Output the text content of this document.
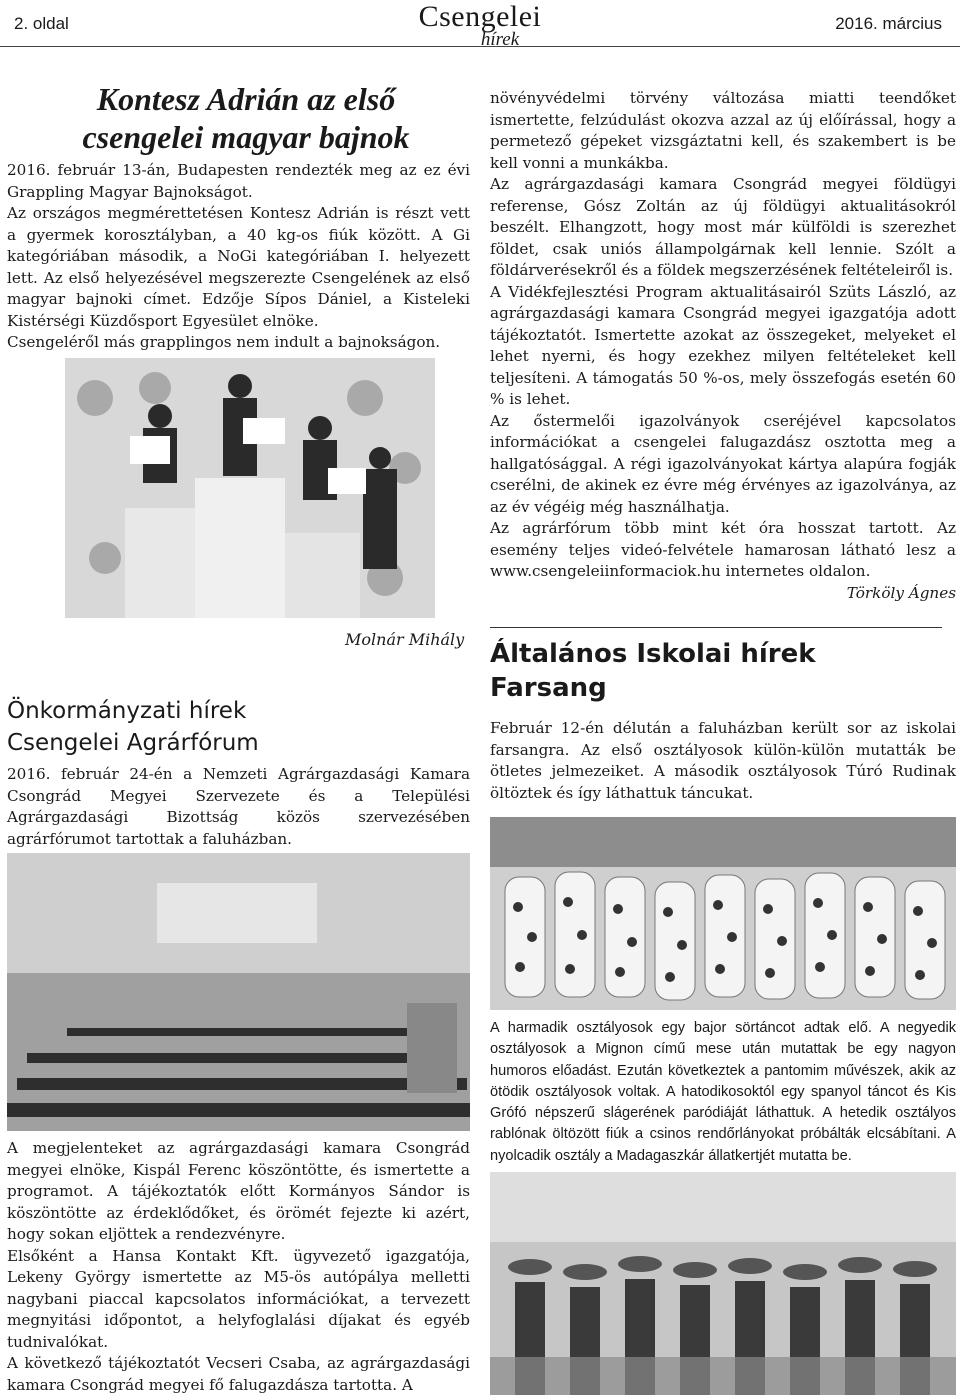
2. oldal	Csengelei
hírek
2016. március
Kontesz Adrián az első csengelei magyar bajnok

2016. február 13-án, Budapesten rendezték meg az ez évi Grappling Magyar Bajnokságot.

Az országos megmérettetésen Kontesz Adrián is részt vett a gyermek korosztályban, a 40 kg-os fiúk között. A Gi kategóriában második, a NoGi kategóriában I. helyezett lett. Az első helyezésével megszerezte Csengelének az első magyar bajnoki címet. Edzője Sípos Dániel, a Kisteleki Kistérségi Küzdősport Egyesület elnöke.

Csengeléről más grapplingos nem indult a bajnokságon.

Molnár Mihály
Önkormányzati hírek
Csengelei Agrárfórum

2016. február 24-én a Nemzeti Agrárgazdasági Kamara Csongrád Megyei Szervezete és a Települési Agrárgazdasági Bizottság közös szervezésében agrárfórumot tartottak a faluházban.

A megjelenteket az agrárgazdasági kamara Csongrád megyei elnöke, Kispál Ferenc köszöntötte, és ismertette a programot. A tájékoztatók előtt Kormányos Sándor is köszöntötte az érdeklődőket, és örömét fejezte ki azért, hogy sokan eljöttek a rendezvényre.

Elsőként a Hansa Kontakt Kft. ügyvezető igazgatója, Lekeny György ismertette az M5-ös autópálya melletti nagybani piaccal kapcsolatos információkat, a tervezett megnyitási időpontot, a helyfoglalási díjakat és egyéb tudnivalókat.

A következő tájékoztatót Vecseri Csaba, az agrárgazdasági kamara Csongrád megyei fő falugazdásza tartotta. A

növényvédelmi törvény változása miatti teendőket ismertette, felzúdulást okozva azzal az új előírással, hogy a permetező gépeket vizsgáztatni kell, és szakembert is be kell vonni a munkákba.

Az agrárgazdasági kamara Csongrád megyei földügyi referense, Gósz Zoltán az új földügyi aktualitásokról beszélt. Elhangzott, hogy most már külföldi is szerezhet földet, csak uniós állampolgárnak kell lennie. Szólt a földárverésekről és a földek megszerzésének feltételeiről is.

A Vidékfejlesztési Program aktualitásairól Szüts László, az agrárgazdasági kamara Csongrád megyei igazgatója adott tájékoztatót. Ismertette azokat az összegeket, melyeket el lehet nyerni, és hogy ezekhez milyen feltételeket kell teljesíteni. A támogatás 50 %-os, mely összefogás esetén 60 % is lehet.

Az őstermelői igazolványok cseréjével kapcsolatos információkat a csengelei falugazdász osztotta meg a hallgatósággal. A régi igazolványokat kártya alapúra fogják cserélni, de akinek ez évre még érvényes az igazolványa, az az év végéig még használhatja.

Az agrárfórum több mint két óra hosszat tartott. Az esemény teljes videó-felvétele hamarosan látható lesz a www.csengeleiinformaciok.hu internetes oldalon.

Törköly Ágnes

Általános Iskolai hírek
Farsang

Február 12-én délután a faluházban került sor az iskolai farsangra. Az első osztályosok külön-külön mutatták be ötletes jelmezeiket. A második osztályosok Túró Rudinak öltöztek és így láthattuk táncukat.

A harmadik osztályosok egy bajor sörtáncot adtak elő. A negyedik osztályosok a Mignon című mese után mutattak be egy nagyon humoros előadást. Ezután következtek a pantomim művészek, akik az ötödik osztályosok voltak. A hatodikosoktól egy spanyol táncot és Kis Grófó népszerű slágerének paródiáját láthattuk. A hetedik osztályos rablónak öltözött fiúk a csinos rendőrlányokat próbálták elcsábítani. A nyolcadik osztály a Madagaszkár állatkertjét mutatta be.
